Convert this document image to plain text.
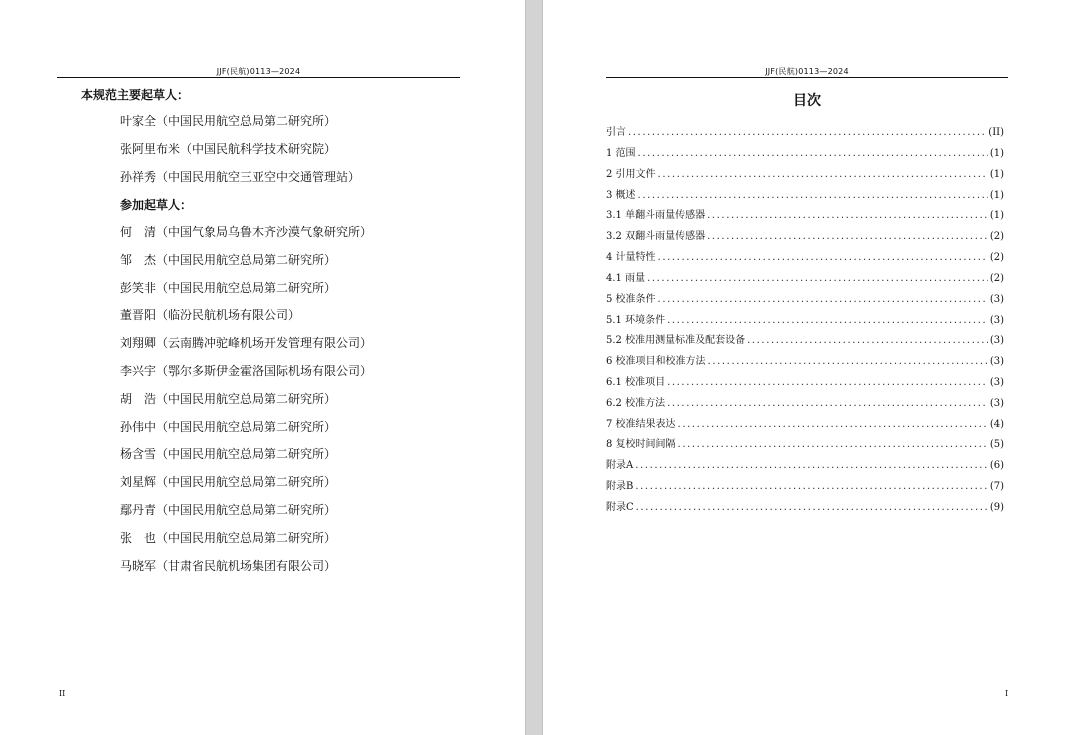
JJF(民航)0113—2024
本规范主要起草人：
叶家全（中国民用航空总局第二研究所）
张阿里布米（中国民航科学技术研究院）
孙祥秀（中国民用航空三亚空中交通管理站）
参加起草人：
何　清（中国气象局乌鲁木齐沙漠气象研究所）
邹　杰（中国民用航空总局第二研究所）
彭笑非（中国民用航空总局第二研究所）
董晋阳（临汾民航机场有限公司）
刘翔卿（云南腾冲驼峰机场开发管理有限公司）
李兴宇（鄂尔多斯伊金霍洛国际机场有限公司）
胡　浩（中国民用航空总局第二研究所）
孙伟中（中国民用航空总局第二研究所）
杨含雪（中国民用航空总局第二研究所）
刘星辉（中国民用航空总局第二研究所）
鄢丹青（中国民用航空总局第二研究所）
张　也（中国民用航空总局第二研究所）
马晓军（甘肃省民航机场集团有限公司）
II
JJF(民航)0113—2024
目次
引言 .....	(II)
1 范围 .....	(1)
2 引用文件 .....	(1)
3 概述 .....	(1)
3.1 单翻斗雨量传感器 .....	(1)
3.2 双翻斗雨量传感器 .....	(2)
4 计量特性 .....	(2)
4.1 雨量 .....	(2)
5 校准条件 .....	(3)
5.1 环境条件 .....	(3)
5.2 校准用测量标准及配套设备 .....	(3)
6 校准项目和校准方法 .....	(3)
6.1 校准项目 .....	(3)
6.2 校准方法 .....	(3)
7 校准结果表达 .....	(4)
8 复校时间间隔 .....	(5)
附录A .....	(6)
附录B .....	(7)
附录C .....	(9)
I
